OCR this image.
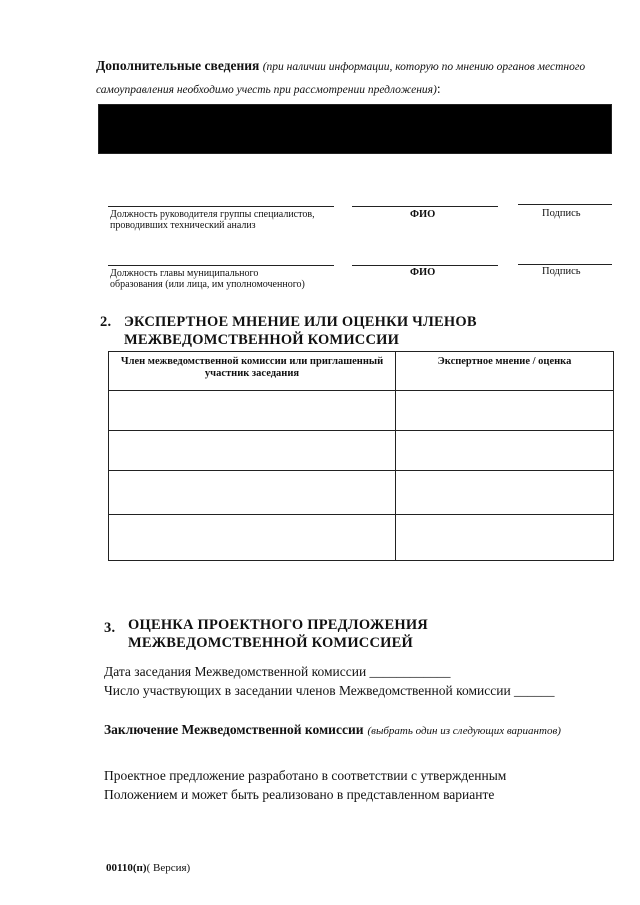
Дополнительные сведения (при наличии информации, которую по мнению органов местного самоуправления необходимо учесть при рассмотрении предложения):
Должность руководителя группы специалистов, проводивших технический анализ
ФИО	Подпись
Должность главы муниципального образования (или лица, им уполномоченного)
ФИО	Подпись
2. ЭКСПЕРТНОЕ МНЕНИЕ ИЛИ ОЦЕНКИ ЧЛЕНОВ
МЕЖВЕДОМСТВЕННОЙ КОМИССИИ
Член межведомственной комиссии или приглашенный участник заседания	Экспертное мнение / оценка

3. ОЦЕНКА ПРОЕКТНОГО ПРЕДЛОЖЕНИЯ
МЕЖВЕДОМСТВЕННОЙ КОМИССИЕЙ
Дата заседания Межведомственной комиссии ____________
Число участвующих в заседании членов Межведомственной комиссии ______
Заключение Межведомственной комиссии (выбрать один из следующих вариантов)
Проектное предложение разработано в соответствии с утвержденным
Положением и может быть реализовано в представленном варианте
00110(п)( Версия)
